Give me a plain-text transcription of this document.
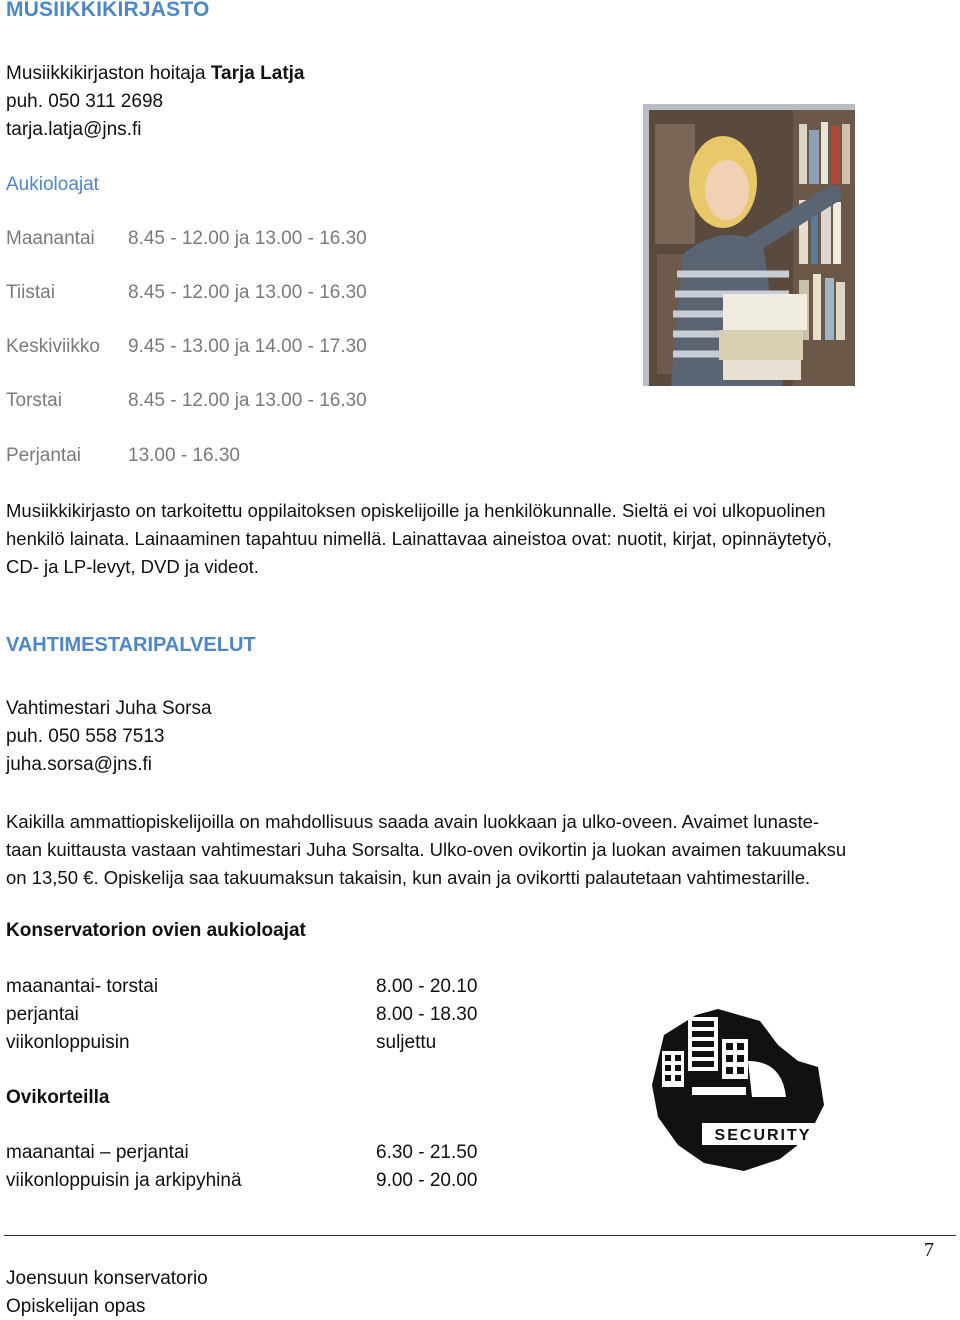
MUSIIKKIKIRJASTO
Musiikkikirjaston hoitaja Tarja Latja
puh. 050 311 2698
tarja.latja@jns.fi
Aukioloajat
Maanantai 8.45 - 12.00 ja 13.00 - 16.30
Tiistai	8.45 - 12.00 ja 13.00 - 16.30
Keskiviikko 9.45 - 13.00 ja 14.00 - 17.30
Torstai	8.45 - 12.00 ja 13.00 - 16.30
Perjantai 13.00 - 16.30
Musiikkikirjasto on tarkoitettu oppilaitoksen opiskelijoille ja henkilökunnalle. Sieltä ei voi ulkopuolinen
henkilö lainata. Lainaaminen tapahtuu nimellä. Lainattavaa aineistoa ovat: nuotit, kirjat, opinnäytetyö,
CD- ja LP-levyt, DVD ja videot.
VAHTIMESTARIPALVELUT
Vahtimestari Juha Sorsa
puh. 050 558 7513
juha.sorsa@jns.fi
Kaikilla ammattiopiskelijoilla on mahdollisuus saada avain luokkaan ja ulko-oveen. Avaimet lunaste-
taan kuittausta vastaan vahtimestari Juha Sorsalta. Ulko-oven ovikortin ja luokan avaimen takuumaksu
on 13,50 €. Opiskelija saa takuumaksun takaisin, kun avain ja ovikortti palautetaan vahtimestarille.
Konservatorion ovien aukioloajat
maanantai- torstai	8.00 - 20.10
perjantai	8.00 - 18.30
viikonloppuisin	suljettu
Ovikorteilla
maanantai – perjantai	6.30 - 21.50
viikonloppuisin ja arkipyhinä	9.00 - 20.00
SECURITY
7
Joensuun konservatorio
Opiskelijan opas
